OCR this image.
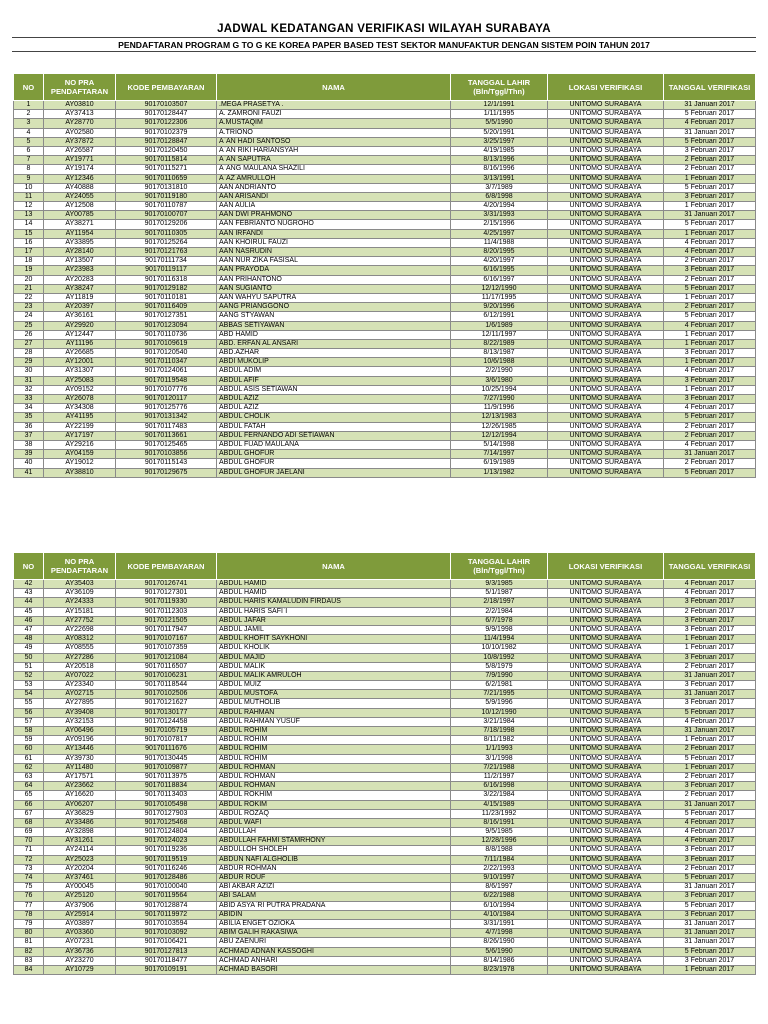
JADWAL KEDATANGAN VERIFIKASI WILAYAH SURABAYA
PENDAFTARAN PROGRAM G TO G KE KOREA PAPER BASED TEST SEKTOR MANUFAKTUR DENGAN SISTEM POIN TAHUN 2017
NO	NO PRA PENDAFTARAN	KODE PEMBAYARAN	NAMA	TANGGAL LAHIR (Bln/Tggl/Thn)	LOKASI VERIFIKASI	TANGGAL VERIFIKASI
1	AY03810	90170103507	.MEGA PRASETYA .	12/1/1991	UNITOMO SURABAYA	31 Januari 2017
2	AY37413	90170128447	A. ZAMRONI FAUZI	1/11/1995	UNITOMO SURABAYA	5 Februari 2017
3	AY28770	90170122306	A.MUSTAQIM	5/5/1990	UNITOMO SURABAYA	4 Februari 2017
4	AY02580	90170102379	A.TRIONO	5/20/1991	UNITOMO SURABAYA	31 Januari 2017
5	AY37872	90170128847	A`AN HADI SANTOSO	3/25/1997	UNITOMO SURABAYA	5 Februari 2017
6	AY26587	90170120450	A`AN RIKI HARIANSYAH	4/19/1985	UNITOMO SURABAYA	3 Februari 2017
7	AY19771	90170115814	A`AN SAPUTRA	8/13/1996	UNITOMO SURABAYA	2 Februari 2017
8	AY19174	90170115271	A`ANG MAULANA SHAZILI	8/16/1996	UNITOMO SURABAYA	2 Februari 2017
9	AY12346	90170110659	A`AZ AMRULLOH	3/13/1991	UNITOMO SURABAYA	1 Februari 2017
10	AY40888	90170131810	AAN ANDRIANTO	3/7/1989	UNITOMO SURABAYA	5 Februari 2017
11	AY24055	90170119180	AAN ARISANDI	6/8/1998	UNITOMO SURABAYA	3 Februari 2017
12	AY12508	90170110787	AAN AULIA	4/20/1994	UNITOMO SURABAYA	1 Februari 2017
13	AY00785	90170100707	AAN DWI PRAHMONO	3/31/1993	UNITOMO SURABAYA	31 Januari 2017
14	AY38271	90170129206	AAN FEBRIANTO NUGROHO	2/15/1996	UNITOMO SURABAYA	5 Februari 2017
15	AY11954	90170110305	AAN IRFANDI	4/25/1997	UNITOMO SURABAYA	1 Februari 2017
16	AY33895	90170125264	AAN KHOIRUL FAUZI	11/4/1988	UNITOMO SURABAYA	4 Februari 2017
17	AY28140	90170121763	AAN NASRUDIN	8/20/1995	UNITOMO SURABAYA	4 Februari 2017
18	AY13507	90170111734	AAN NUR ZIKA FASISAL	4/20/1997	UNITOMO SURABAYA	2 Februari 2017
19	AY23983	90170119117	AAN PRAYODA	6/16/1995	UNITOMO SURABAYA	3 Februari 2017
20	AY20283	90170116318	AAN PRIHANTONO	6/16/1997	UNITOMO SURABAYA	2 Februari 2017
21	AY38247	90170129182	AAN SUGIANTO	12/12/1990	UNITOMO SURABAYA	5 Februari 2017
22	AY11819	90170110181	AAN WAHYU SAPUTRA	11/17/1995	UNITOMO SURABAYA	1 Februari 2017
23	AY20397	90170116409	AANG PRIANGGONO	9/20/1996	UNITOMO SURABAYA	2 Februari 2017
24	AY36161	90170127351	AANG STYAWAN	6/12/1991	UNITOMO SURABAYA	5 Februari 2017
25	AY29920	90170123094	ABBAS SETIYAWAN	1/6/1989	UNITOMO SURABAYA	4 Februari 2017
26	AY12447	90170110736	ABD HAMID	12/11/1997	UNITOMO SURABAYA	1 Februari 2017
27	AY11196	90170109619	ABD. ERFAN AL ANSARI	8/22/1989	UNITOMO SURABAYA	1 Februari 2017
28	AY26685	90170120540	ABD.AZHAR	8/13/1987	UNITOMO SURABAYA	3 Februari 2017
29	AY12001	90170110347	ABDI MUKOLIP	10/6/1988	UNITOMO SURABAYA	1 Februari 2017
30	AY31307	90170124061	ABDUL ADIM	2/2/1990	UNITOMO SURABAYA	4 Februari 2017
31	AY25083	90170119548	ABDUL AFIF	3/6/1980	UNITOMO SURABAYA	3 Februari 2017
32	AY09152	90170107776	ABDUL ASIS SETIAWAN	10/25/1994	UNITOMO SURABAYA	1 Februari 2017
33	AY26078	90170120117	ABDUL AZIZ	7/27/1990	UNITOMO SURABAYA	3 Februari 2017
34	AY34308	90170125776	ABDUL AZIZ	11/9/1996	UNITOMO SURABAYA	4 Februari 2017
35	AY41195	90170131342	ABDUL CHOLIK	12/13/1983	UNITOMO SURABAYA	5 Februari 2017
36	AY22199	90170117483	ABDUL FATAH	12/26/1985	UNITOMO SURABAYA	2 Februari 2017
37	AY17197	90170113661	ABDUL FERNANDO ADI SETIAWAN	12/12/1994	UNITOMO SURABAYA	2 Februari 2017
38	AY29216	90170125465	ABDUL FUAD MAULANA	5/14/1998	UNITOMO SURABAYA	4 Februari 2017
39	AY04159	90170103856	ABDUL GHOFUR	7/14/1997	UNITOMO SURABAYA	31 Januari 2017
40	AY19012	90170115143	ABDUL GHOFUR	6/19/1989	UNITOMO SURABAYA	2 Februari 2017
41	AY38810	90170129675	ABDUL GHOFUR JAELANI	1/13/1982	UNITOMO SURABAYA	5 Februari 2017
NO	NO PRA PENDAFTARAN	KODE PEMBAYARAN	NAMA	TANGGAL LAHIR (Bln/Tggl/Thn)	LOKASI VERIFIKASI	TANGGAL VERIFIKASI
42	AY35403	90170126741	ABDUL HAMID	9/3/1985	UNITOMO SURABAYA	4 Februari 2017
43	AY36109	90170127301	ABDUL HAMID	5/1/1987	UNITOMO SURABAYA	4 Februari 2017
44	AY24333	90170119330	ABDUL HARIS KAMALUDIN FIRDAUS	2/18/1997	UNITOMO SURABAYA	3 Februari 2017
45	AY15181	90170112303	ABDUL HARIS SAFI`I	2/2/1984	UNITOMO SURABAYA	2 Februari 2017
46	AY27752	90170121505	ABDUL JAFAR	6/7/1978	UNITOMO SURABAYA	3 Februari 2017
47	AY22698	90170117947	ABDUL JAMIL	9/9/1998	UNITOMO SURABAYA	3 Februari 2017
48	AY08312	90170107167	ABDUL KHOFIT SAYKHONI	11/4/1994	UNITOMO SURABAYA	1 Februari 2017
49	AY08555	90170107359	ABDUL KHOLIK	10/10/1982	UNITOMO SURABAYA	1 Februari 2017
50	AY27286	90170121084	ABDUL MAJID	10/8/1992	UNITOMO SURABAYA	3 Februari 2017
51	AY20518	90170116507	ABDUL MALIK	5/8/1979	UNITOMO SURABAYA	2 Februari 2017
52	AY07022	90170106231	ABDUL MALIK AMRULOH	7/9/1990	UNITOMO SURABAYA	31 Januari 2017
53	AY23340	90170118544	ABDUL MUIZ	6/2/1981	UNITOMO SURABAYA	3 Februari 2017
54	AY02715	90170102506	ABDUL MUSTOFA	7/21/1995	UNITOMO SURABAYA	31 Januari 2017
55	AY27895	90170121627	ABDUL MUTHOLIB	5/9/1996	UNITOMO SURABAYA	3 Februari 2017
56	AY39408	90170130177	ABDUL RAHMAN	10/12/1990	UNITOMO SURABAYA	5 Februari 2017
57	AY32153	90170124458	ABDUL RAHMAN YUSUF	3/21/1984	UNITOMO SURABAYA	4 Februari 2017
58	AY06496	90170105719	ABDUL ROHIM	7/18/1998	UNITOMO SURABAYA	31 Januari 2017
59	AY09196	90170107817	ABDUL ROHIM	8/11/1982	UNITOMO SURABAYA	1 Februari 2017
60	AY13446	90170111676	ABDUL ROHIM	1/1/1993	UNITOMO SURABAYA	2 Februari 2017
61	AY39730	90170130445	ABDUL ROHIM	3/1/1998	UNITOMO SURABAYA	5 Februari 2017
62	AY11480	90170109877	ABDUL ROHMAN	7/21/1988	UNITOMO SURABAYA	1 Februari 2017
63	AY17571	90170113975	ABDUL ROHMAN	11/2/1997	UNITOMO SURABAYA	2 Februari 2017
64	AY23662	90170118834	ABDUL ROHMAN	6/16/1998	UNITOMO SURABAYA	3 Februari 2017
65	AY16620	90170113403	ABDUL ROKHIM	3/22/1984	UNITOMO SURABAYA	2 Februari 2017
66	AY06207	90170105498	ABDUL ROKIM	4/15/1989	UNITOMO SURABAYA	31 Januari 2017
67	AY36829	90170127903	ABDUL ROZAQ	11/23/1992	UNITOMO SURABAYA	5 Februari 2017
68	AY33486	90170125468	ABDUL WAFI	8/16/1991	UNITOMO SURABAYA	4 Februari 2017
69	AY32898	90170124804	ABDULLAH	9/5/1985	UNITOMO SURABAYA	4 Februari 2017
70	AY31261	90170124023	ABDULLAH FAHMI STAMRHONY	12/28/1996	UNITOMO SURABAYA	4 Februari 2017
71	AY24114	90170119236	ABDULLOH SHOLEH	8/8/1988	UNITOMO SURABAYA	3 Februari 2017
72	AY25023	90170119519	ABDUN NAFI ALGHOLIB	7/11/1984	UNITOMO SURABAYA	3 Februari 2017
73	AY20204	90170116246	ABDUR ROHMAN	2/22/1993	UNITOMO SURABAYA	2 Februari 2017
74	AY37461	90170128486	ABDUR ROUF	9/10/1997	UNITOMO SURABAYA	5 Februari 2017
75	AY00045	90170100040	ABI AKBAR AZIZI	8/6/1997	UNITOMO SURABAYA	31 Januari 2017
76	AY25120	90170119564	ABI SALAM	6/22/1988	UNITOMO SURABAYA	3 Februari 2017
77	AY37906	90170128874	ABID ASYA`RI PUTRA PRADANA	6/10/1994	UNITOMO SURABAYA	5 Februari 2017
78	AY25914	90170119972	ABIDIN	4/10/1984	UNITOMO SURABAYA	3 Februari 2017
79	AY03897	90170103594	ABILIA ENGET OZIOKA	3/31/1991	UNITOMO SURABAYA	31 Januari 2017
80	AY03360	90170103092	ABIM GALIH RAKASIWA	4/7/1998	UNITOMO SURABAYA	31 Januari 2017
81	AY07231	90170106421	ABU ZAENURI	8/26/1990	UNITOMO SURABAYA	31 Januari 2017
82	AY36736	90170127813	ACHMAD ADNAN KASSOGHI	5/6/1990	UNITOMO SURABAYA	5 Februari 2017
83	AY23270	90170118477	ACHMAD ANHARI	8/14/1986	UNITOMO SURABAYA	3 Februari 2017
84	AY10729	90170109191	ACHMAD BASORI	8/23/1978	UNITOMO SURABAYA	1 Februari 2017
